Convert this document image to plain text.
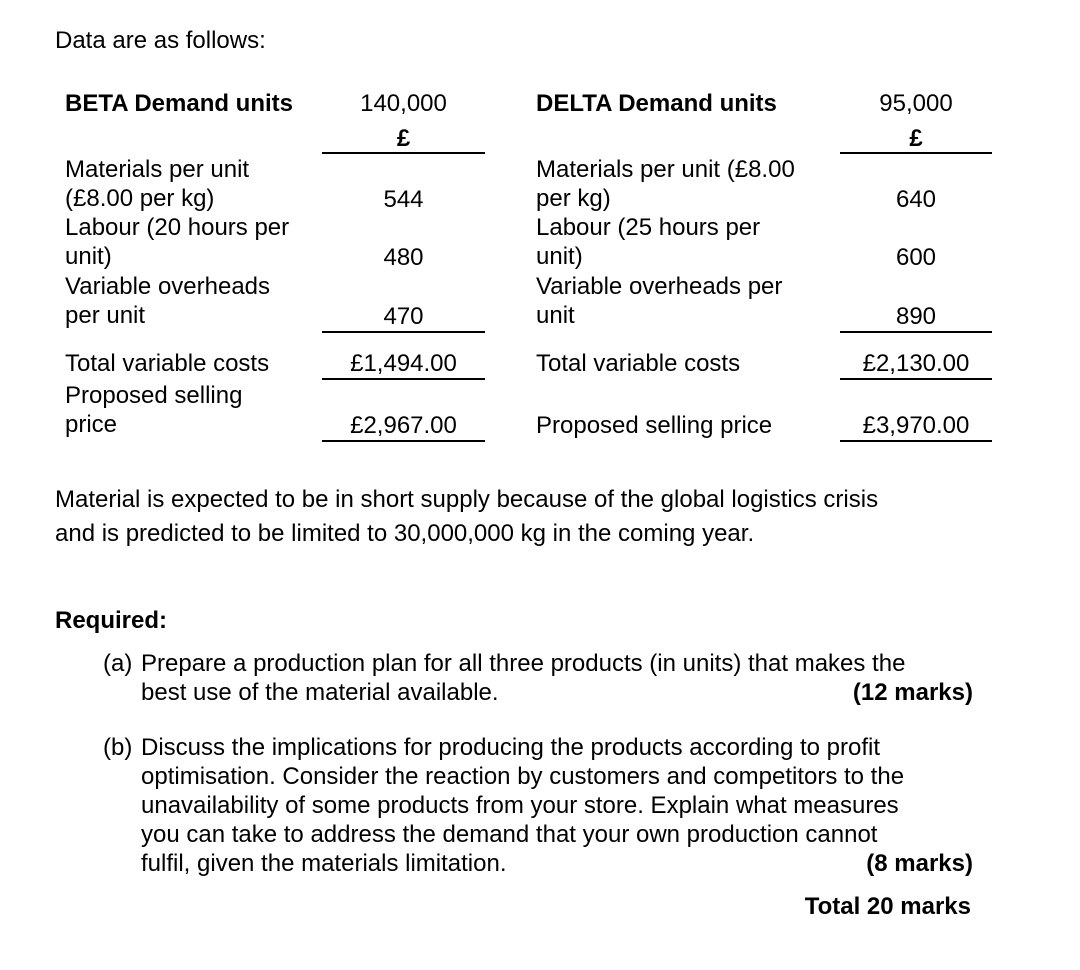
Data are as follows:
BETA Demand units	140,000
£
Materials per unit
(£8.00 per kg)	544
Labour (20 hours per
unit)	480
Variable overheads
per unit	470
Total variable costs	£1,494.00
Proposed selling
price	£2,967.00
DELTA Demand units	95,000
£
Materials per unit (£8.00
per kg)	640
Labour (25 hours per
unit)	600
Variable overheads per
unit	890
Total variable costs	£2,130.00
Proposed selling price	£3,970.00
Material is expected to be in short supply because of the global logistics crisis
and is predicted to be limited to 30,000,000 kg in the coming year.
Required:
(a) Prepare a production plan for all three products (in units) that makes the
best use of the material available.	(12 marks)
(b) Discuss the implications for producing the products according to profit
optimisation. Consider the reaction by customers and competitors to the
unavailability of some products from your store. Explain what measures
you can take to address the demand that your own production cannot
fulfil, given the materials limitation.	(8 marks)
Total 20 marks
